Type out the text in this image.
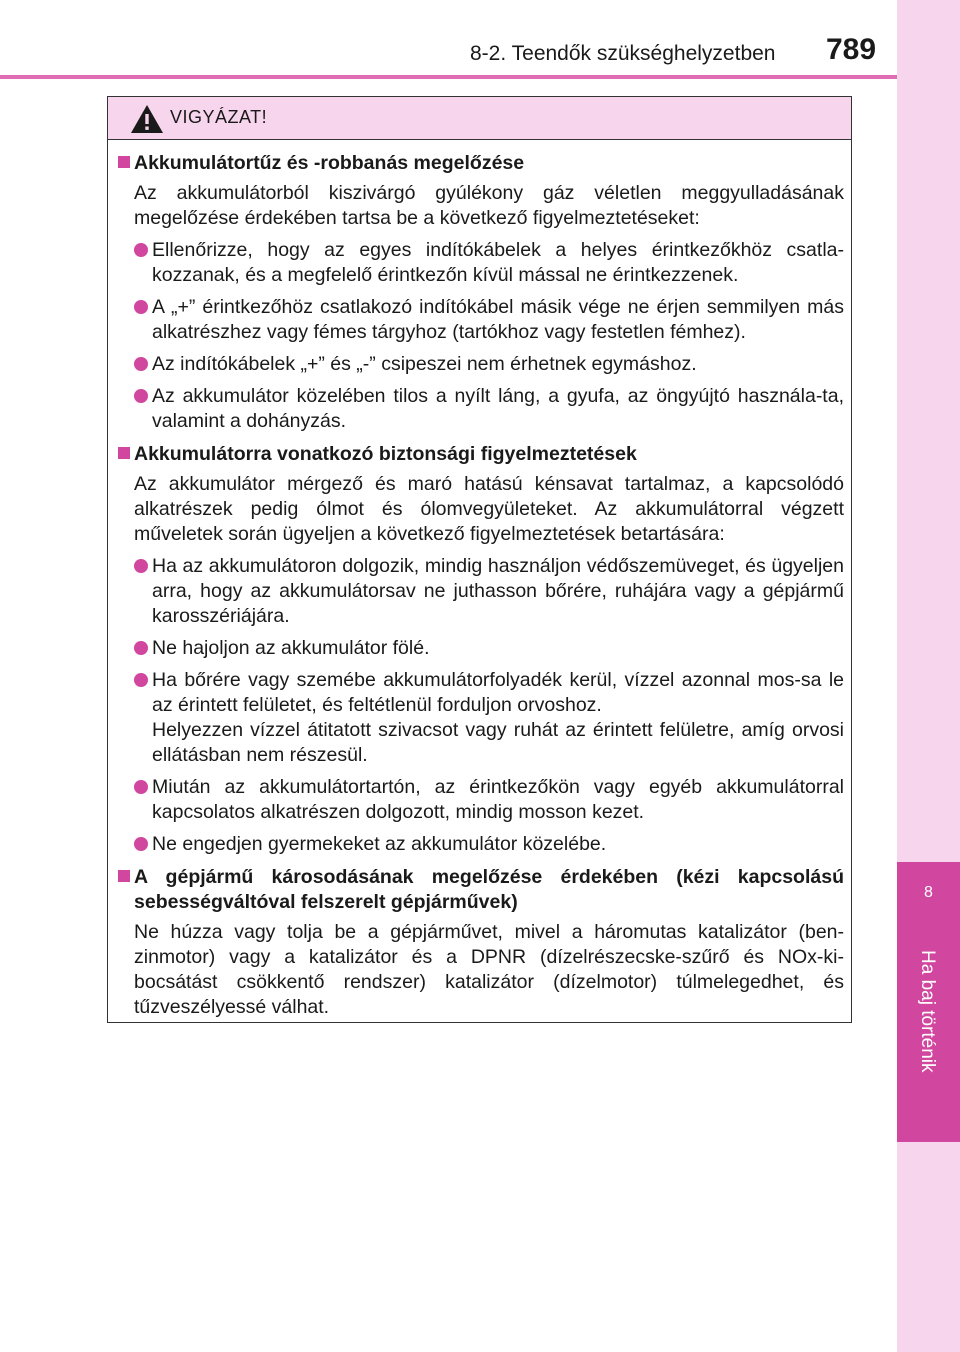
8
Ha baj történik
8-2. Teendők szükséghelyzetben 789
VIGYÁZAT!
Akkumulátortűz és -robbanás megelőzése
Az akkumulátorból kiszivárgó gyúlékony gáz véletlen meggyulladásának megelőzése érdekében tartsa be a következő figyelmeztetéseket:
Ellenőrizze, hogy az egyes indítókábelek a helyes érintkezőkhöz csatla-kozzanak, és a megfelelő érintkezőn kívül mással ne érintkezzenek.
A „+” érintkezőhöz csatlakozó indítókábel másik vége ne érjen semmilyen más alkatrészhez vagy fémes tárgyhoz (tartókhoz vagy festetlen fémhez).
Az indítókábelek „+” és „-” csipeszei nem érhetnek egymáshoz.
Az akkumulátor közelében tilos a nyílt láng, a gyufa, az öngyújtó használa-ta, valamint a dohányzás.
Akkumulátorra vonatkozó biztonsági figyelmeztetések
Az akkumulátor mérgező és maró hatású kénsavat tartalmaz, a kapcsolódó alkatrészek pedig ólmot és ólomvegyületeket. Az akkumulátorral végzett műveletek során ügyeljen a következő figyelmeztetések betartására:
Ha az akkumulátoron dolgozik, mindig használjon védőszemüveget, és ügyeljen arra, hogy az akkumulátorsav ne juthasson bőrére, ruhájára vagy a gépjármű karosszériájára.
Ne hajoljon az akkumulátor fölé.
Ha bőrére vagy szemébe akkumulátorfolyadék kerül, vízzel azonnal mos-sa le az érintett felületet, és feltétlenül forduljon orvoshoz.
Helyezzen vízzel átitatott szivacsot vagy ruhát az érintett felületre, amíg orvosi ellátásban nem részesül.
Miután az akkumulátortartón, az érintkezőkön vagy egyéb akkumulátorral kapcsolatos alkatrészen dolgozott, mindig mosson kezet.
Ne engedjen gyermekeket az akkumulátor közelébe.
A gépjármű károsodásának megelőzése érdekében (kézi kapcsolású sebességváltóval felszerelt gépjárművek)
Ne húzza vagy tolja be a gépjárművet, mivel a háromutas katalizátor (ben-zinmotor) vagy a katalizátor és a DPNR (dízelrészecske-szűrő és NOx-ki-bocsátást csökkentő rendszer) katalizátor (dízelmotor) túlmelegedhet, és tűzveszélyessé válhat.
